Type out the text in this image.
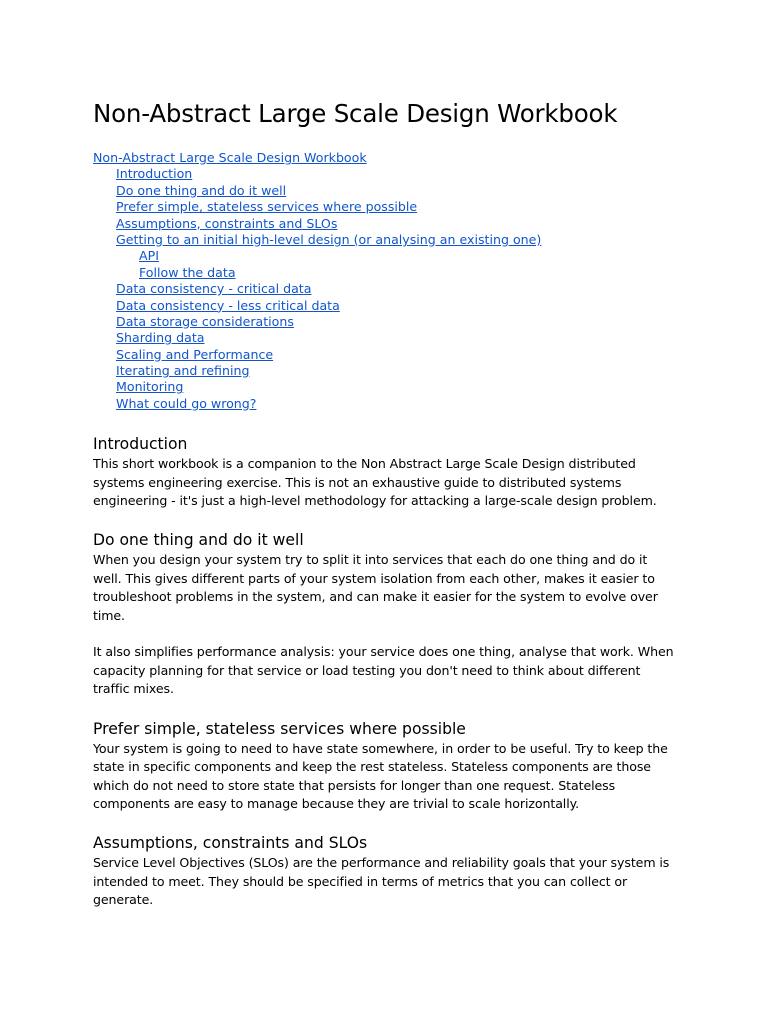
Non-Abstract Large Scale Design Workbook
Non-Abstract Large Scale Design Workbook
Introduction
Do one thing and do it well
Prefer simple, stateless services where possible
Assumptions, constraints and SLOs
Getting to an initial high-level design (or analysing an existing one)
API
Follow the data
Data consistency - critical data
Data consistency - less critical data
Data storage considerations
Sharding data
Scaling and Performance
Iterating and refining
Monitoring
What could go wrong?
Introduction

This short workbook is a companion to the Non Abstract Large Scale Design distributed systems engineering exercise. This is not an exhaustive guide to distributed systems engineering - it's just a high-level methodology for attacking a large-scale design problem.

Do one thing and do it well

When you design your system try to split it into services that each do one thing and do it well. This gives different parts of your system isolation from each other, makes it easier to troubleshoot problems in the system, and can make it easier for the system to evolve over time.

It also simplifies performance analysis: your service does one thing, analyse that work. When capacity planning for that service or load testing you don't need to think about different traffic mixes.

Prefer simple, stateless services where possible

Your system is going to need to have state somewhere, in order to be useful. Try to keep the state in specific components and keep the rest stateless. Stateless components are those which do not need to store state that persists for longer than one request. Stateless components are easy to manage because they are trivial to scale horizontally.

Assumptions, constraints and SLOs

Service Level Objectives (SLOs) are the performance and reliability goals that your system is intended to meet. They should be specified in terms of metrics that you can collect or generate.
